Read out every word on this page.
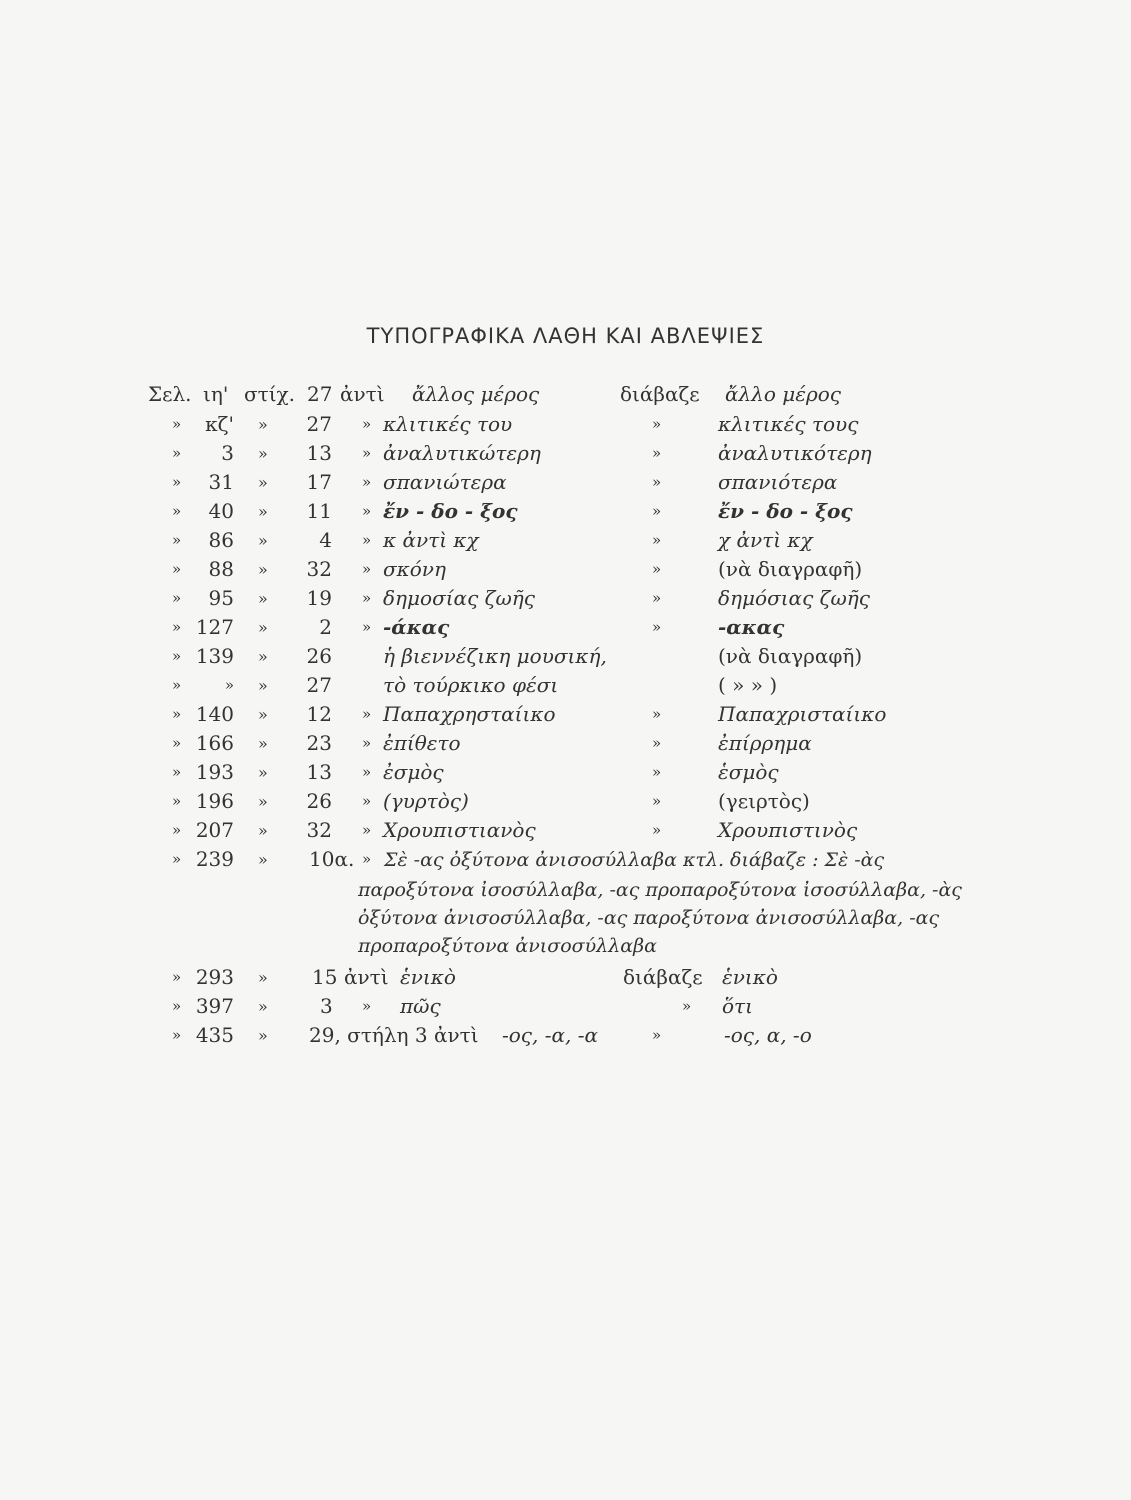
ΤΥΠΟΓΡΑΦΙΚΑ ΛΑΘΗ ΚΑΙ ΑΒΛΕΨΙΕΣ
Σελ. ιη' στίχ. 27 ἀντὶ ἄλλος μέρος	διάβαζε ἄλλο μέρος
»	κζ' »	27 » κλιτικές του	»	κλιτικές τους
»	3 »	13 » ἀναλυτικώτερη	»	ἀναλυτικότερη
»	31 »	17 » σπανιώτερα	»	σπανιότερα
»	40 »	11 » ἔν - δο - ξος	»	ἔν - δο - ξος
»	86 »	4 » κ ἀντὶ κχ	»	χ ἀντὶ κχ
»	88 »	32 » σκόνη	»	(νὰ διαγραφῆ)
»	95 »	19 » δημοσίας ζωῆς	»	δημόσιας ζωῆς
» 127 »	2 » -άκας	»	-ακας
» 139 »	26	ἡ βιεννέζικη μουσική,	(νὰ διαγραφῆ)
»	» »	27	τὸ τούρκικο φέσι	( » » )
» 140 »	12 » Παπαχρησταίικο	»	Παπαχρισταίικο
» 166 »	23 » ἐπίθετο	»	ἐπίρρημα
» 193 »	13 » ἐσμὸς	»	ἑσμὸς
» 196 »	26 » (γυρτὸς)	»	(γειρτὸς)
» 207 »	32 » Χρουπιστιανὸς	»	Χρουπιστινὸς
» 239 » 10α. » Σὲ -ας ὀξύτονα ἀνισοσύλλαβα κτλ. διάβαζε : Σὲ -ὰς
παροξύτονα ἰσοσύλλαβα, -ας προπαροξύτονα ἰσοσύλλαβα, -ὰς
ὀξύτονα ἀνισοσύλλαβα, -ας παροξύτονα ἀνισοσύλλαβα, -ας
προπαροξύτονα ἀνισοσύλλαβα
» 293 » 15 ἀντὶ ἑνικὸ	διάβαζε ἑνικὸ
» 397 »	3 » πῶς	» ὅτι
» 435 » 29, στήλη 3 ἀντὶ -ος, -α, -α	»	-ος, α, -ο
